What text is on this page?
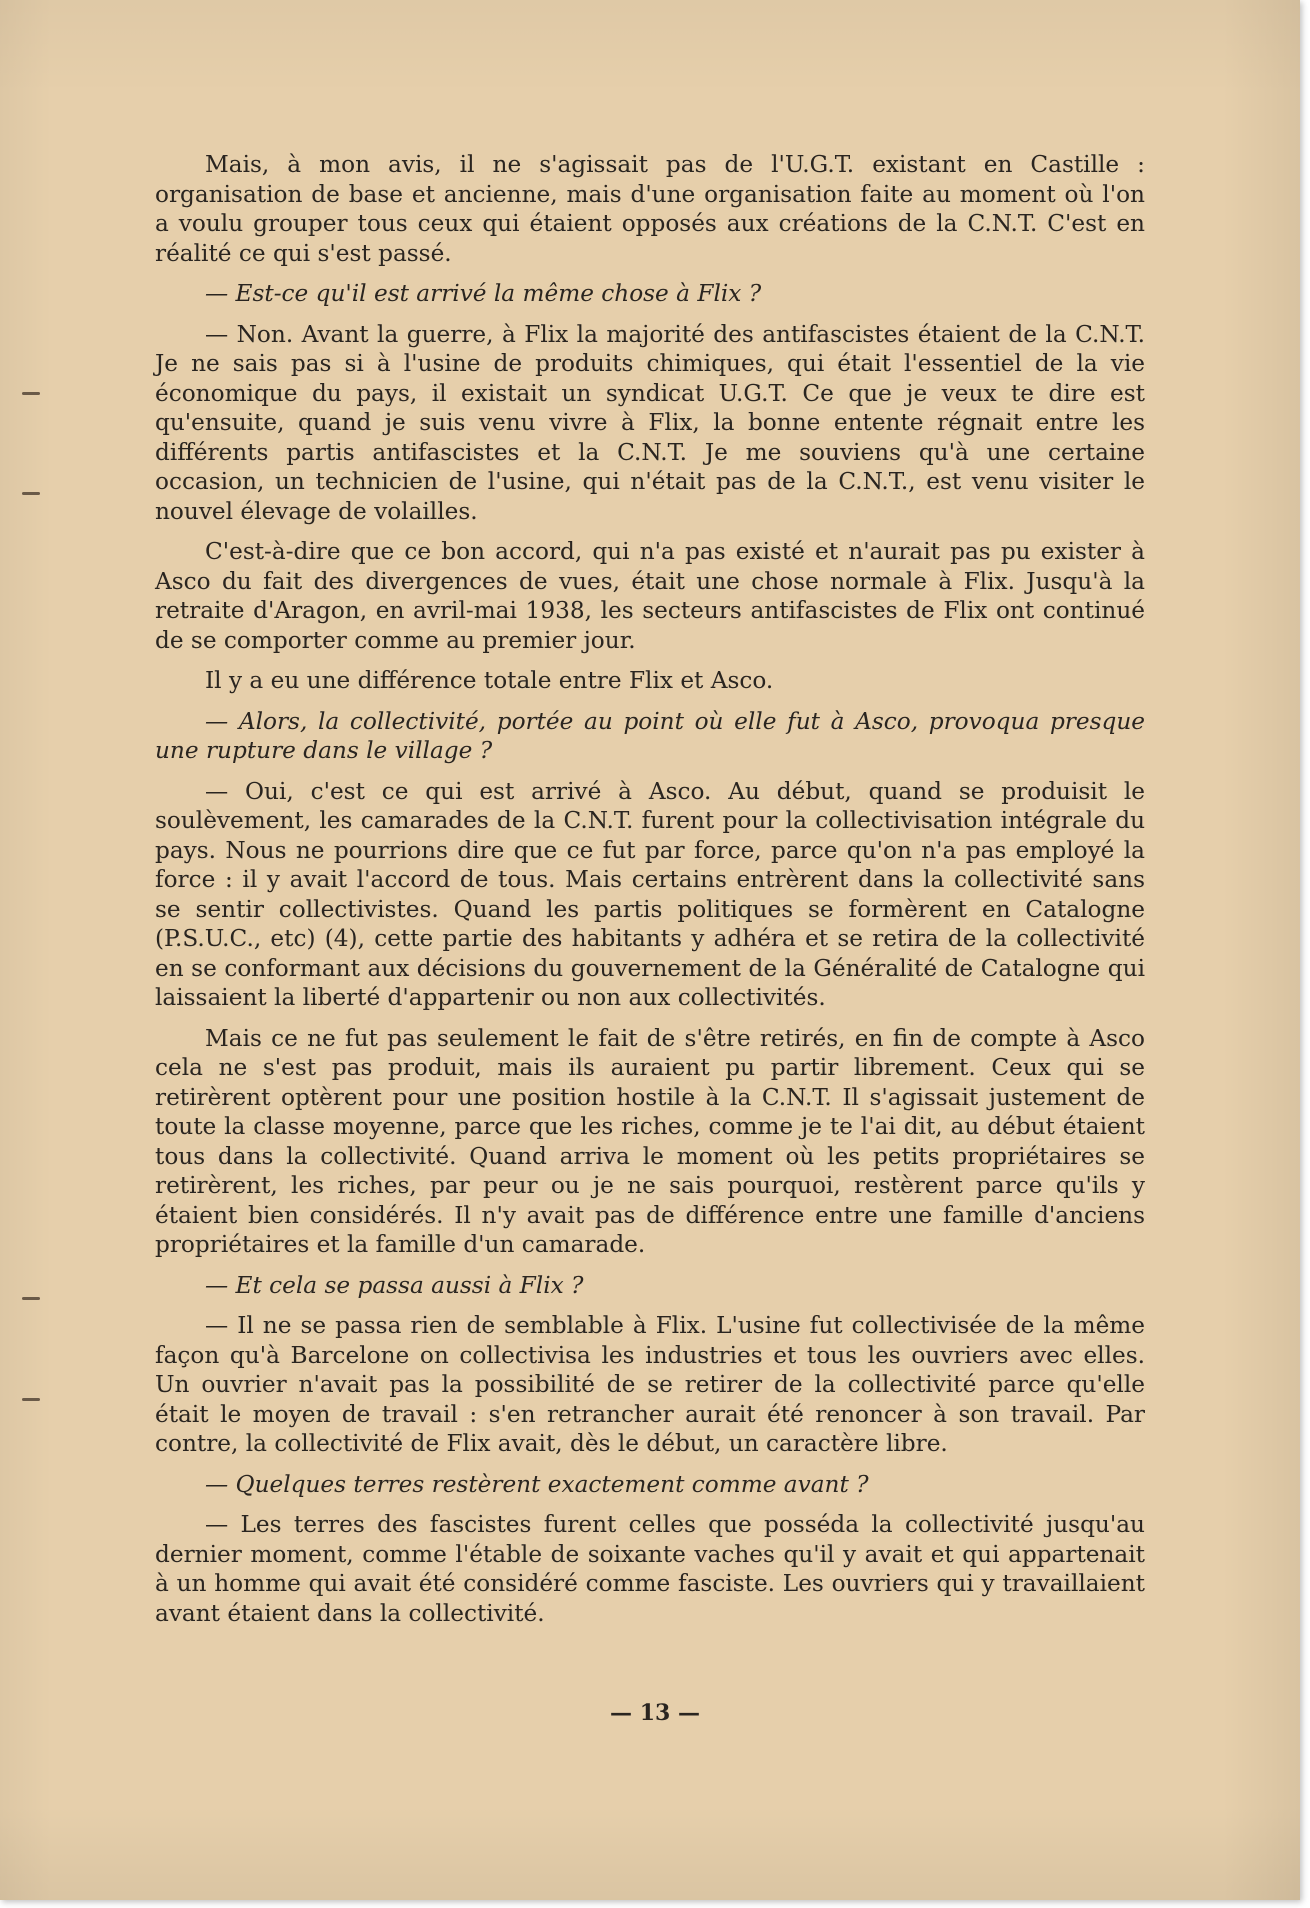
Mais, à mon avis, il ne s'agissait pas de l'U.G.T. existant en Castille : organisation de base et ancienne, mais d'une organisation faite au moment où l'on a voulu grouper tous ceux qui étaient opposés aux créations de la C.N.T. C'est en réalité ce qui s'est passé.

— Est-ce qu'il est arrivé la même chose à Flix ?

— Non. Avant la guerre, à Flix la majorité des antifascistes étaient de la C.N.T. Je ne sais pas si à l'usine de produits chimiques, qui était l'essentiel de la vie économique du pays, il existait un syndicat U.G.T. Ce que je veux te dire est qu'ensuite, quand je suis venu vivre à Flix, la bonne entente régnait entre les différents partis antifascistes et la C.N.T. Je me souviens qu'à une certaine occasion, un technicien de l'usine, qui n'était pas de la C.N.T., est venu visiter le nouvel élevage de volailles.

C'est-à-dire que ce bon accord, qui n'a pas existé et n'aurait pas pu exister à Asco du fait des divergences de vues, était une chose normale à Flix. Jusqu'à la retraite d'Aragon, en avril-mai 1938, les secteurs antifascistes de Flix ont continué de se comporter comme au premier jour.

Il y a eu une différence totale entre Flix et Asco.

— Alors, la collectivité, portée au point où elle fut à Asco, provoqua presque une rupture dans le village ?

— Oui, c'est ce qui est arrivé à Asco. Au début, quand se produisit le soulèvement, les camarades de la C.N.T. furent pour la collectivisation intégrale du pays. Nous ne pourrions dire que ce fut par force, parce qu'on n'a pas employé la force : il y avait l'accord de tous. Mais certains entrèrent dans la collectivité sans se sentir collectivistes. Quand les partis politiques se formèrent en Catalogne (P.S.U.C., etc) (4), cette partie des habitants y adhéra et se retira de la collectivité en se conformant aux décisions du gouvernement de la Généralité de Catalogne qui laissaient la liberté d'appartenir ou non aux collectivités.

Mais ce ne fut pas seulement le fait de s'être retirés, en fin de compte à Asco cela ne s'est pas produit, mais ils auraient pu partir librement. Ceux qui se retirèrent optèrent pour une position hostile à la C.N.T. Il s'agissait justement de toute la classe moyenne, parce que les riches, comme je te l'ai dit, au début étaient tous dans la collectivité. Quand arriva le moment où les petits propriétaires se retirèrent, les riches, par peur ou je ne sais pourquoi, restèrent parce qu'ils y étaient bien considérés. Il n'y avait pas de différence entre une famille d'anciens propriétaires et la famille d'un camarade.

— Et cela se passa aussi à Flix ?

— Il ne se passa rien de semblable à Flix. L'usine fut collectivisée de la même façon qu'à Barcelone on collectivisa les industries et tous les ouvriers avec elles. Un ouvrier n'avait pas la possibilité de se retirer de la collectivité parce qu'elle était le moyen de travail : s'en retrancher aurait été renoncer à son travail. Par contre, la collectivité de Flix avait, dès le début, un caractère libre.

— Quelques terres restèrent exactement comme avant ?

— Les terres des fascistes furent celles que posséda la collectivité jusqu'au dernier moment, comme l'étable de soixante vaches qu'il y avait et qui appartenait à un homme qui avait été considéré comme fasciste. Les ouvriers qui y travaillaient avant étaient dans la collectivité.

— 13 —
